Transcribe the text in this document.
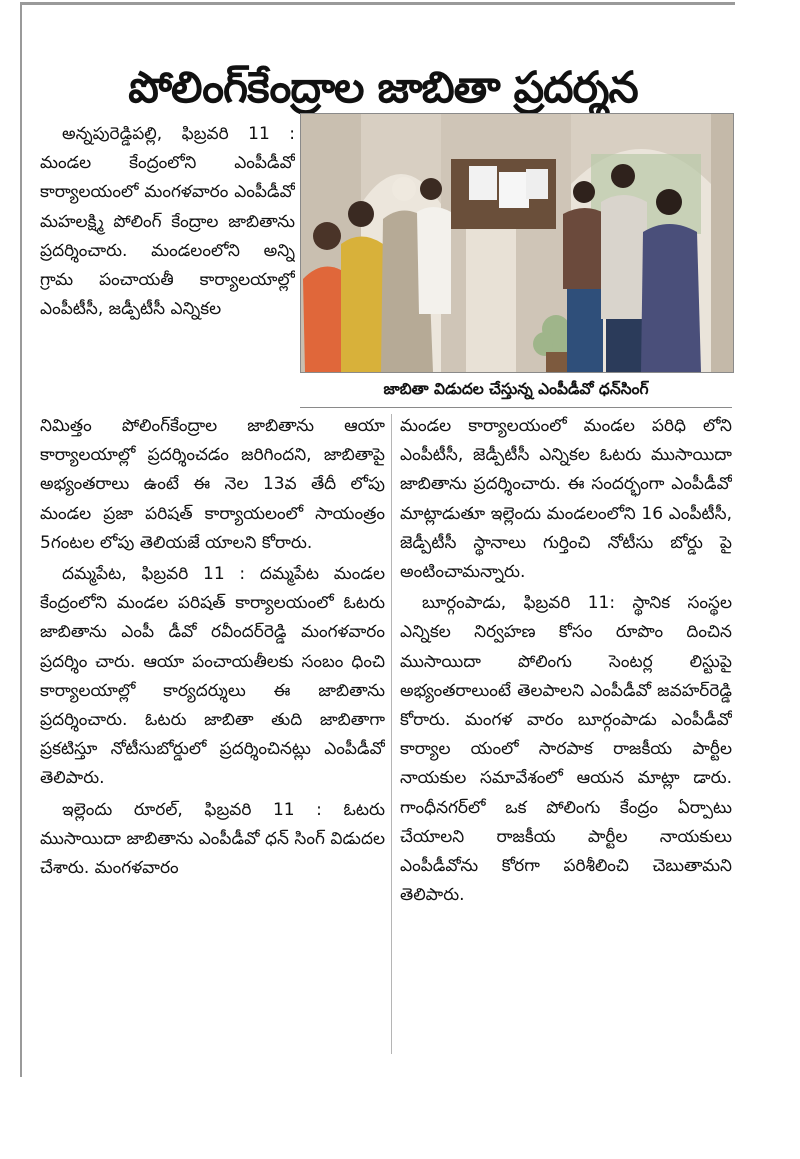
పోలింగ్‌కేంద్రాల జాబితా ప్రదర్శన

అన్నపురెడ్డిపల్లి, ఫిబ్రవరి 11 : మండల కేంద్రంలోని ఎంపీడీవో కార్యాలయంలో మంగళవారం ఎంపీడీవో మహలక్ష్మి పోలింగ్ కేంద్రాల జాబితాను ప్రదర్శించారు. మండలంలోని అన్ని గ్రామ పంచాయతీ కార్యాలయాల్లో ఎంపీటీసీ, జడ్పీటీసీ ఎన్నికల

జాబితా విడుదల చేస్తున్న ఎంపీడీవో ధన్‌సింగ్

నిమిత్తం పోలింగ్‌కేంద్రాల జాబితాను ఆయా కార్యాలయాల్లో ప్రదర్శించడం జరిగిందని, జాబితాపై అభ్యంతరాలు ఉంటే ఈ నెల 13వ తేదీ లోపు మండల ప్రజా పరిషత్ కార్యాయలంలో సాయంత్రం 5గంటల లోపు తెలియజే యాలని కోరారు.

దమ్మపేట, ఫిబ్రవరి 11 : దమ్మపేట మండల కేంద్రంలోని మండల పరిషత్ కార్యాలయంలో ఓటరు జాబితాను ఎంపీ డీవో రవీందర్‌రెడ్డి మంగళవారం ప్రదర్శిం చారు. ఆయా పంచాయతీలకు సంబం ధించి కార్యాలయాల్లో కార్యదర్శులు ఈ జాబితాను ప్రదర్శించారు. ఓటరు జాబితా తుది జాబితాగా ప్రకటిస్తూ నోటీసుబోర్డులో ప్రదర్శించినట్లు ఎంపీడీవో తెలిపారు.

ఇల్లెందు రూరల్, ఫిబ్రవరి 11 : ఓటరు ముసాయిదా జాబితాను ఎంపీడీవో ధన్ సింగ్ విడుదల చేశారు. మంగళవారం

మండల కార్యాలయంలో మండల పరిధి లోని ఎంపీటీసీ, జెడ్పీటీసీ ఎన్నికల ఓటరు ముసాయిదా జాబితాను ప్రదర్శించారు. ఈ సందర్భంగా ఎంపీడీవో మాట్లాడుతూ ఇల్లెందు మండలంలోని 16 ఎంపీటీసీ, జెడ్పీటీసీ స్థానాలు గుర్తించి నోటీసు బోర్డు పై అంటించామన్నారు.

బూర్గంపాడు, ఫిబ్రవరి 11: స్థానిక సంస్థల ఎన్నికల నిర్వహణ కోసం రూపొం దించిన ముసాయిదా పోలింగు సెంటర్ల లిస్టుపై అభ్యంతరాలుంటే తెలపాలని ఎంపీడీవో జవహర్‌రెడ్డి కోరారు. మంగళ వారం బూర్గంపాడు ఎంపీడీవో కార్యాల యంలో సారపాక రాజకీయ పార్టీల నాయకుల సమావేశంలో ఆయన మాట్లా డారు. గాంధీనగర్‌లో ఒక పోలింగు కేంద్రం ఏర్పాటు చేయాలని రాజకీయ పార్టీల నాయకులు ఎంపీడీవోను కోరగా పరిశీలించి చెబుతామని తెలిపారు.
